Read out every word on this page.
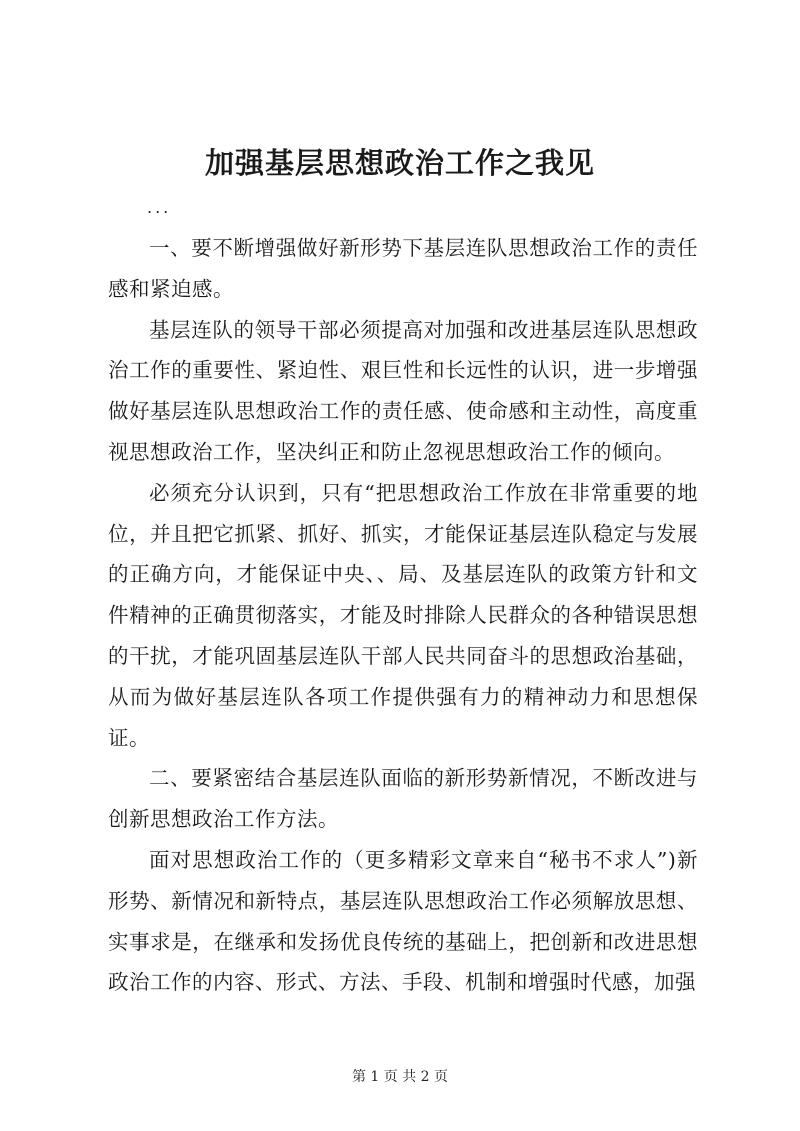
加强基层思想政治工作之我见
...

一、要不断增强做好新形势下基层连队思想政治工作的责任感和紧迫感。

基层连队的领导干部必须提高对加强和改进基层连队思想政治工作的重要性、紧迫性、艰巨性和长远性的认识，进一步增强做好基层连队思想政治工作的责任感、使命感和主动性，高度重视思想政治工作，坚决纠正和防止忽视思想政治工作的倾向。

必须充分认识到，只有“把思想政治工作放在非常重要的地位，并且把它抓紧、抓好、抓实，才能保证基层连队稳定与发展的正确方向，才能保证中央、、局、及基层连队的政策方针和文件精神的正确贯彻落实，才能及时排除人民群众的各种错误思想的干扰，才能巩固基层连队干部人民共同奋斗的思想政治基础，从而为做好基层连队各项工作提供强有力的精神动力和思想保证。

二、要紧密结合基层连队面临的新形势新情况，不断改进与创新思想政治工作方法。

面对思想政治工作的（更多精彩文章来自“秘书不求人”)新形势、新情况和新特点，基层连队思想政治工作必须解放思想、实事求是，在继承和发扬优良传统的基础上，把创新和改进思想政治工作的内容、形式、方法、手段、机制和增强时代感，加强

第 1 页 共 2 页
